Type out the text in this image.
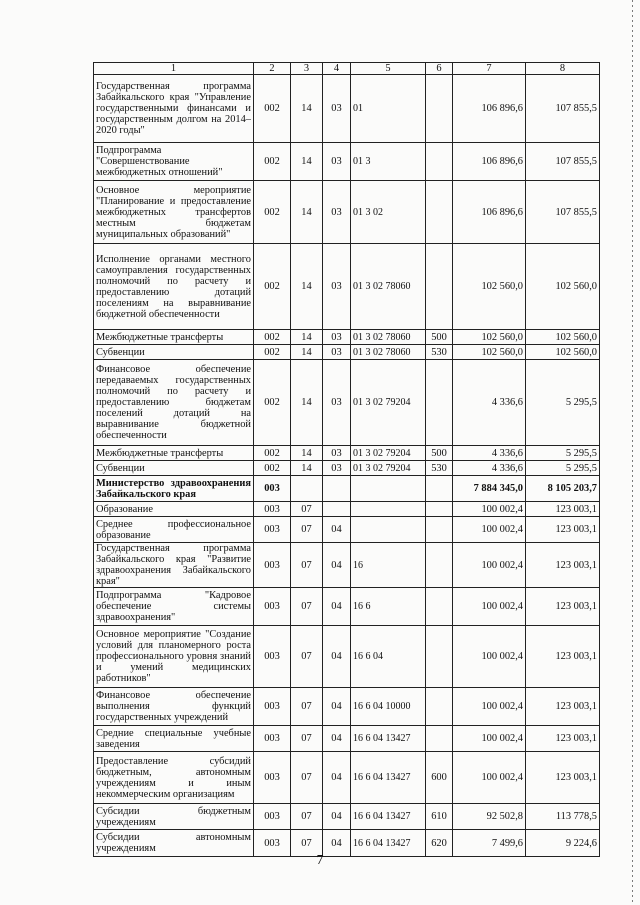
1	2	3	4	5	6	7	8
Государственная программа Забайкальского края "Управление государственными финансами и государственным долгом на 2014–2020 годы"	002	14	03	01		106 896,6	107 855,5
Подпрограмма "Совершенствование межбюджетных отношений"	002	14	03	01 3		106 896,6	107 855,5
Основное мероприятие "Планирование и предоставление межбюджетных трансфертов местным бюджетам муниципальных образований"	002	14	03	01 3 02		106 896,6	107 855,5
Исполнение органами местного самоуправления государственных полномочий по расчету и предоставлению дотаций поселениям на выравнивание бюджетной обеспеченности	002	14	03	01 3 02 78060		102 560,0	102 560,0
Межбюджетные трансферты	002	14	03	01 3 02 78060	500	102 560,0	102 560,0
Субвенции	002	14	03	01 3 02 78060	530	102 560,0	102 560,0
Финансовое обеспечение передаваемых государственных полномочий по расчету и предоставлению бюджетам поселений дотаций на выравнивание бюджетной обеспеченности	002	14	03	01 3 02 79204		4 336,6	5 295,5
Межбюджетные трансферты	002	14	03	01 3 02 79204	500	4 336,6	5 295,5
Субвенции	002	14	03	01 3 02 79204	530	4 336,6	5 295,5
Министерство здравоохранения Забайкальского края	003					7 884 345,0	8 105 203,7
Образование	003	07				100 002,4	123 003,1
Среднее профессиональное образование	003	07	04			100 002,4	123 003,1
Государственная программа Забайкальского края "Развитие здравоохранения Забайкальского края"	003	07	04	16		100 002,4	123 003,1
Подпрограмма "Кадровое обеспечение системы здравоохранения"	003	07	04	16 6		100 002,4	123 003,1
Основное мероприятие "Создание условий для планомерного роста профессионального уровня знаний и умений медицинских работников"	003	07	04	16 6 04		100 002,4	123 003,1
Финансовое обеспечение выполнения функций государственных учреждений	003	07	04	16 6 04 10000		100 002,4	123 003,1
Средние специальные учебные заведения	003	07	04	16 6 04 13427		100 002,4	123 003,1
Предоставление субсидий бюджетным, автономным учреждениям и иным некоммерческим организациям	003	07	04	16 6 04 13427	600	100 002,4	123 003,1
Субсидии бюджетным учреждениям	003	07	04	16 6 04 13427	610	92 502,8	113 778,5
Субсидии автономным учреждениям	003	07	04	16 6 04 13427	620	7 499,6	9 224,6
7
